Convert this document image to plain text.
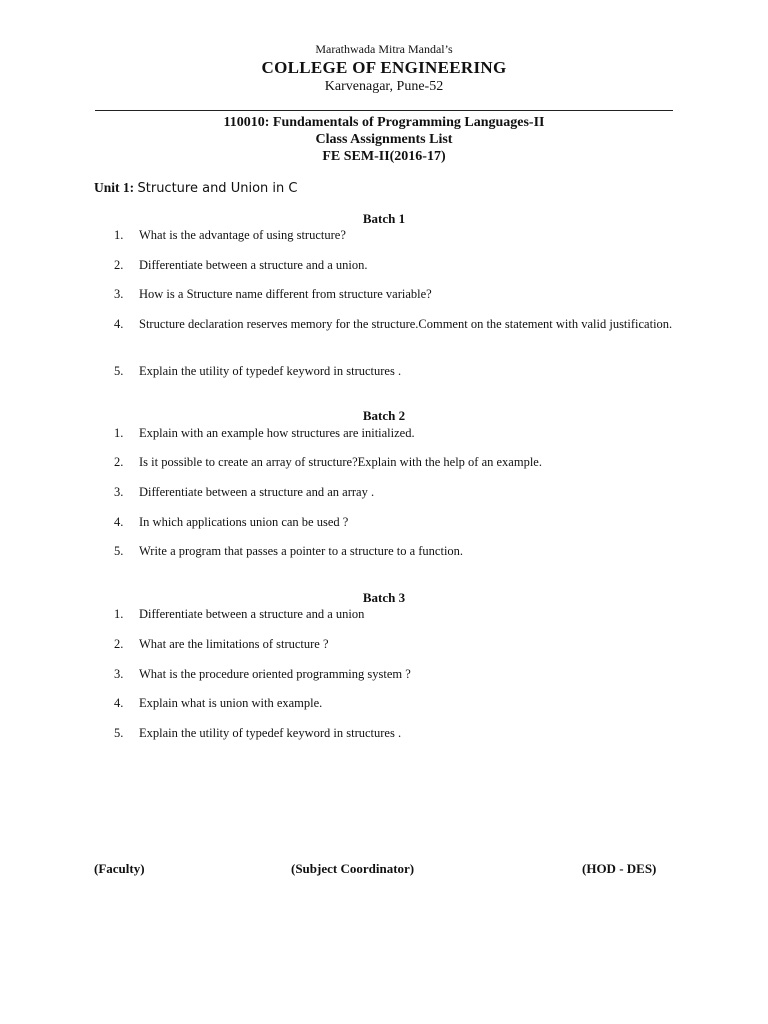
Marathwada Mitra Mandal’s
COLLEGE OF ENGINEERING
Karvenagar, Pune-52
110010: Fundamentals of Programming Languages-II
Class Assignments List
FE SEM-II(2016-17)
Unit 1: Structure and Union in C
Batch 1
1. What is the advantage of using structure?
2. Differentiate between a structure and a union.
3. How is a Structure name different from structure variable?
4. Structure declaration reserves memory for the structure.Comment on the statement with valid justification.
5. Explain the utility of typedef keyword in structures .
Batch 2
1. Explain with an example how structures are initialized.
2. Is it possible to create an array of structure?Explain with the help of an example.
3. Differentiate between a structure and an array .
4. In which applications union can be used ?
5. Write a program that passes a pointer to a structure to a function.
Batch 3
1. Differentiate between a structure and a union
2. What are the limitations of structure ?
3. What is the procedure oriented programming system ?
4. Explain what is union with example.
5. Explain the utility of typedef keyword in structures .
(Faculty)	(Subject Coordinator)	(HOD - DES)
